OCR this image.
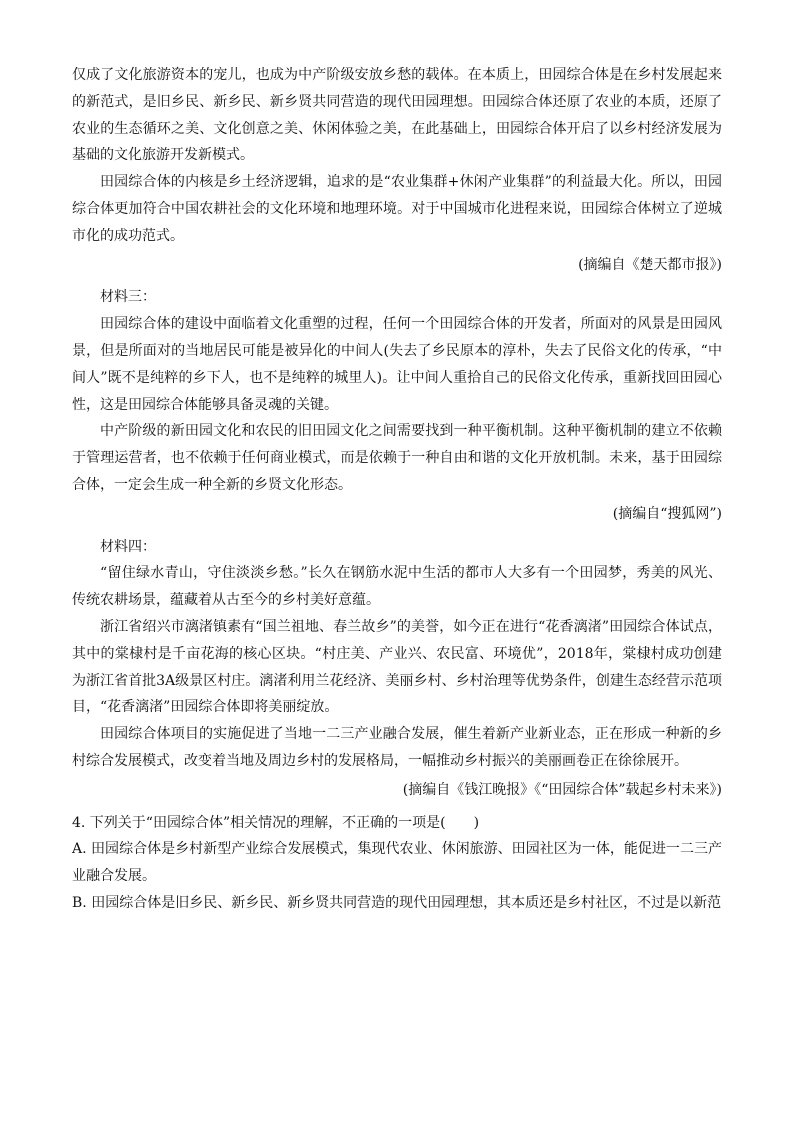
仅成了文化旅游资本的宠儿，也成为中产阶级安放乡愁的载体。在本质上，田园综合体是在乡村发展起来的新范式，是旧乡民、新乡民、新乡贤共同营造的现代田园理想。田园综合体还原了农业的本质，还原了农业的生态循环之美、文化创意之美、休闲体验之美，在此基础上，田园综合体开启了以乡村经济发展为基础的文化旅游开发新模式。

田园综合体的内核是乡土经济逻辑，追求的是“农业集群+休闲产业集群”的利益最大化。所以，田园综合体更加符合中国农耕社会的文化环境和地理环境。对于中国城市化进程来说，田园综合体树立了逆城市化的成功范式。

(摘编自《楚天都市报》)

材料三：

田园综合体的建设中面临着文化重塑的过程，任何一个田园综合体的开发者，所面对的风景是田园风景，但是所面对的当地居民可能是被异化的中间人(失去了乡民原本的淳朴，失去了民俗文化的传承，“中间人”既不是纯粹的乡下人，也不是纯粹的城里人)。让中间人重拾自己的民俗文化传承，重新找回田园心性，这是田园综合体能够具备灵魂的关键。

中产阶级的新田园文化和农民的旧田园文化之间需要找到一种平衡机制。这种平衡机制的建立不依赖于管理运营者，也不依赖于任何商业模式，而是依赖于一种自由和谐的文化开放机制。未来，基于田园综合体，一定会生成一种全新的乡贤文化形态。

(摘编自“搜狐网”)

材料四：

“留住绿水青山，守住淡淡乡愁。”长久在钢筋水泥中生活的都市人大多有一个田园梦，秀美的风光、传统农耕场景，蕴藏着从古至今的乡村美好意蕴。

浙江省绍兴市漓渚镇素有“国兰祖地、春兰故乡”的美誉，如今正在进行“花香漓渚”田园综合体试点，其中的棠棣村是千亩花海的核心区块。“村庄美、产业兴、农民富、环境优”，2018年，棠棣村成功创建为浙江省首批3A级景区村庄。漓渚利用兰花经济、美丽乡村、乡村治理等优势条件，创建生态经营示范项目，“花香漓渚”田园综合体即将美丽绽放。

田园综合体项目的实施促进了当地一二三产业融合发展，催生着新产业新业态，正在形成一种新的乡村综合发展模式，改变着当地及周边乡村的发展格局，一幅推动乡村振兴的美丽画卷正在徐徐展开。

(摘编自《钱江晚报》《“田园综合体”载起乡村未来》)

4. 下列关于“田园综合体”相关情况的理解，不正确的一项是(　　)

A. 田园综合体是乡村新型产业综合发展模式，集现代农业、休闲旅游、田园社区为一体，能促进一二三产业融合发展。

B. 田园综合体是旧乡民、新乡民、新乡贤共同营造的现代田园理想，其本质还是乡村社区，不过是以新范
